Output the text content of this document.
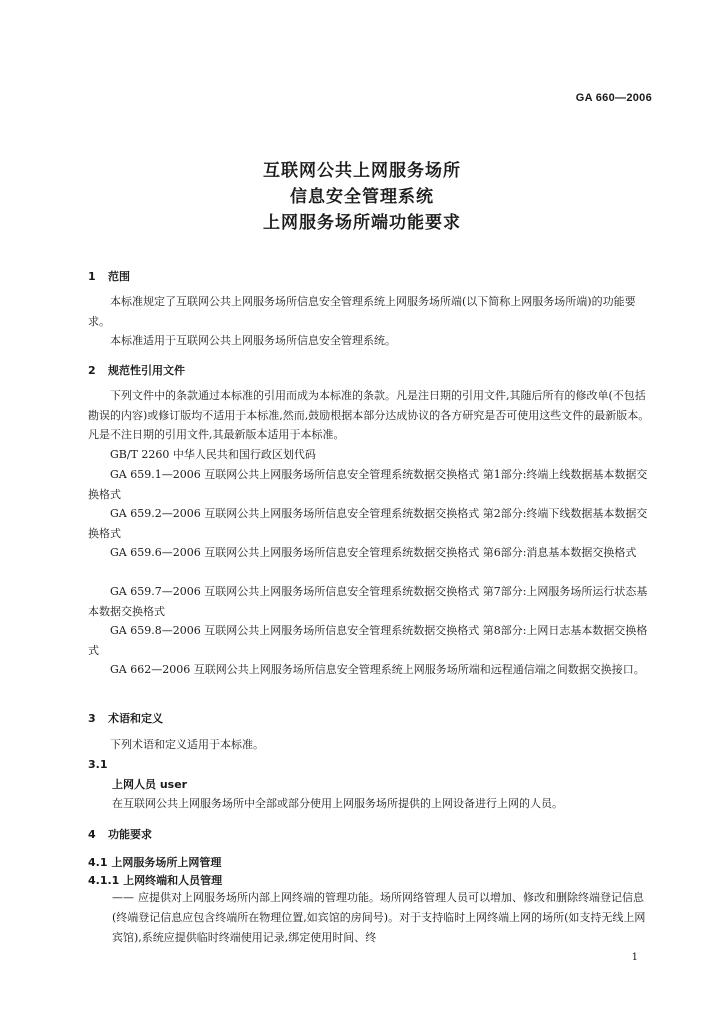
GA 660—2006
互联网公共上网服务场所
信息安全管理系统
上网服务场所端功能要求
1 范围

本标准规定了互联网公共上网服务场所信息安全管理系统上网服务场所端(以下简称上网服务场所端)的功能要求。

本标准适用于互联网公共上网服务场所信息安全管理系统。

2 规范性引用文件

下列文件中的条款通过本标准的引用而成为本标准的条款。凡是注日期的引用文件,其随后所有的修改单(不包括勘误的内容)或修订版均不适用于本标准,然而,鼓励根据本部分达成协议的各方研究是否可使用这些文件的最新版本。凡是不注日期的引用文件,其最新版本适用于本标准。

GB/T 2260 中华人民共和国行政区划代码

GA 659.1—2006 互联网公共上网服务场所信息安全管理系统数据交换格式 第1部分:终端上线数据基本数据交换格式

GA 659.2—2006 互联网公共上网服务场所信息安全管理系统数据交换格式 第2部分:终端下线数据基本数据交换格式

GA 659.6—2006 互联网公共上网服务场所信息安全管理系统数据交换格式 第6部分:消息基本数据交换格式

GA 659.7—2006 互联网公共上网服务场所信息安全管理系统数据交换格式 第7部分:上网服务场所运行状态基本数据交换格式

GA 659.8—2006 互联网公共上网服务场所信息安全管理系统数据交换格式 第8部分:上网日志基本数据交换格式

GA 662—2006 互联网公共上网服务场所信息安全管理系统上网服务场所端和远程通信端之间数据交换接口。

3 术语和定义

下列术语和定义适用于本标准。

3.1
上网人员 user

在互联网公共上网服务场所中全部或部分使用上网服务场所提供的上网设备进行上网的人员。

4 功能要求
4.1 上网服务场所上网管理
4.1.1 上网终端和人员管理

—— 应提供对上网服务场所内部上网终端的管理功能。场所网络管理人员可以增加、修改和删除终端登记信息(终端登记信息应包含终端所在物理位置,如宾馆的房间号)。对于支持临时上网终端上网的场所(如支持无线上网宾馆),系统应提供临时终端使用记录,绑定使用时间、终

1
